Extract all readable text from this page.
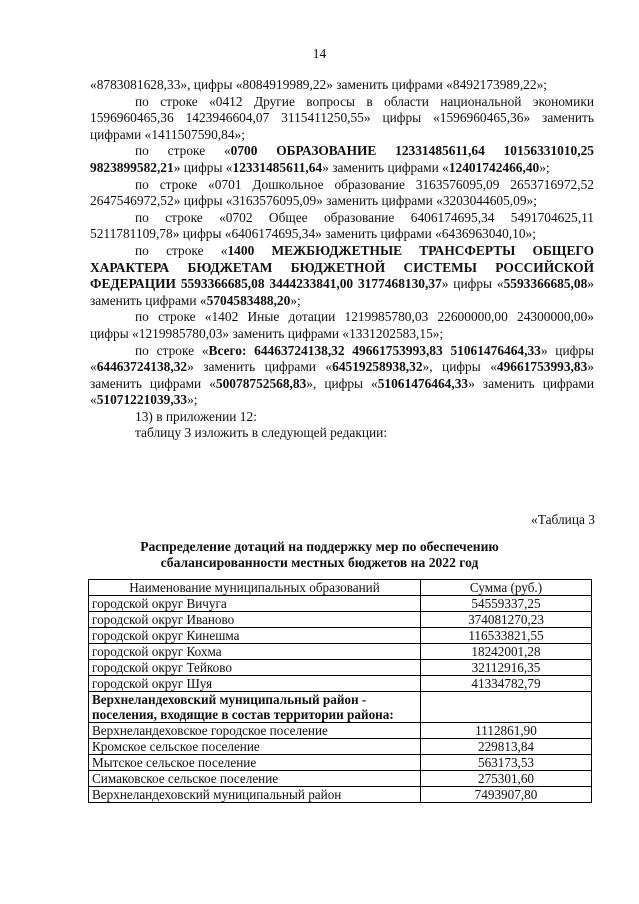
14

«8783081628,33», цифры «8084919989,22» заменить цифрами «8492173989,22»;

по строке «0412 Другие вопросы в области национальной экономики 1596960465,36 1423946604,07 3115411250,55» цифры «1596960465,36» заменить цифрами «1411507590,84»;

по строке «0700 ОБРАЗОВАНИЕ 12331485611,64 10156331010,25 9823899582,21» цифры «12331485611,64» заменить цифрами «12401742466,40»;

по строке «0701 Дошкольное образование 3163576095,09 2653716972,52 2647546972,52» цифры «3163576095,09» заменить цифрами «3203044605,09»;

по строке «0702 Общее образование 6406174695,34 5491704625,11 5211781109,78» цифры «6406174695,34» заменить цифрами «6436963040,10»;

по строке «1400 МЕЖБЮДЖЕТНЫЕ ТРАНСФЕРТЫ ОБЩЕГО ХАРАКТЕРА БЮДЖЕТАМ БЮДЖЕТНОЙ СИСТЕМЫ РОССИЙСКОЙ ФЕДЕРАЦИИ 5593366685,08 3444233841,00 3177468130,37» цифры «5593366685,08» заменить цифрами «5704583488,20»;

по строке «1402 Иные дотации 1219985780,03 22600000,00 24300000,00» цифры «1219985780,03» заменить цифрами «1331202583,15»;

по строке «Всего: 64463724138,32 49661753993,83 51061476464,33» цифры «64463724138,32» заменить цифрами «64519258938,32», цифры «49661753993,83» заменить цифрами «50078752568,83», цифры «51061476464,33» заменить цифрами «51071221039,33»;

13) в приложении 12:

таблицу 3 изложить в следующей редакции:

«Таблица 3
Распределение дотаций на поддержку мер по обеспечению
сбалансированности местных бюджетов на 2022 год
Наименование муниципальных образований	Сумма (руб.)
городской округ Вичуга	54559337,25
городской округ Иваново	374081270,23
городской округ Кинешма	116533821,55
городской округ Кохма	18242001,28
городской округ Тейково	32112916,35
городской округ Шуя	41334782,79

Верхнеландеховский муниципальный район -
поселения, входящие в состав территории района:	

Верхнеландеховское городское поселение	1112861,90
Кромское сельское поселение	229813,84
Мытское сельское поселение	563173,53
Симаковское сельское поселение	275301,60
Верхнеландеховский муниципальный район	7493907,80
